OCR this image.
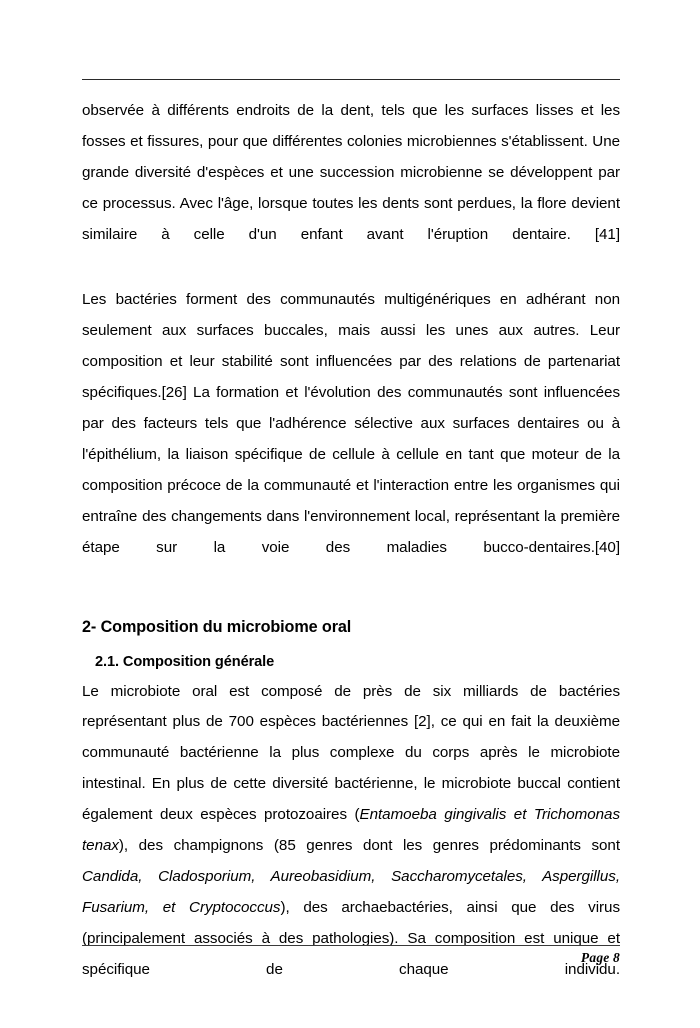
observée à différents endroits de la dent, tels que les surfaces lisses et les fosses et fissures, pour que différentes colonies microbiennes s'établissent. Une grande diversité d'espèces et une succession microbienne se développent par ce processus. Avec l'âge, lorsque toutes les dents sont perdues, la flore devient similaire à celle d'un enfant avant l'éruption dentaire. [41]

Les bactéries forment des communautés multigénériques en adhérant non seulement aux surfaces buccales, mais aussi les unes aux autres. Leur composition et leur stabilité sont influencées par des relations de partenariat spécifiques.[26] La formation et l'évolution des communautés sont influencées par des facteurs tels que l'adhérence sélective aux surfaces dentaires ou à l'épithélium, la liaison spécifique de cellule à cellule en tant que moteur de la composition précoce de la communauté et l'interaction entre les organismes qui entraîne des changements dans l'environnement local, représentant la première étape sur la voie des maladies bucco-dentaires.[40]

2- Composition du microbiome oral
2.1. Composition générale

Le microbiote oral est composé de près de six milliards de bactéries représentant plus de 700 espèces bactériennes [2], ce qui en fait la deuxième communauté bactérienne la plus complexe du corps après le microbiote intestinal. En plus de cette diversité bactérienne, le microbiote buccal contient également deux espèces protozoaires (Entamoeba gingivalis et Trichomonas tenax), des champignons (85 genres dont les genres prédominants sont Candida, Cladosporium, Aureobasidium, Saccharomycetales, Aspergillus, Fusarium, et Cryptococcus), des archaebactéries, ainsi que des virus (principalement associés à des pathologies). Sa composition est unique et spécifique de chaque individu.

Page 8
